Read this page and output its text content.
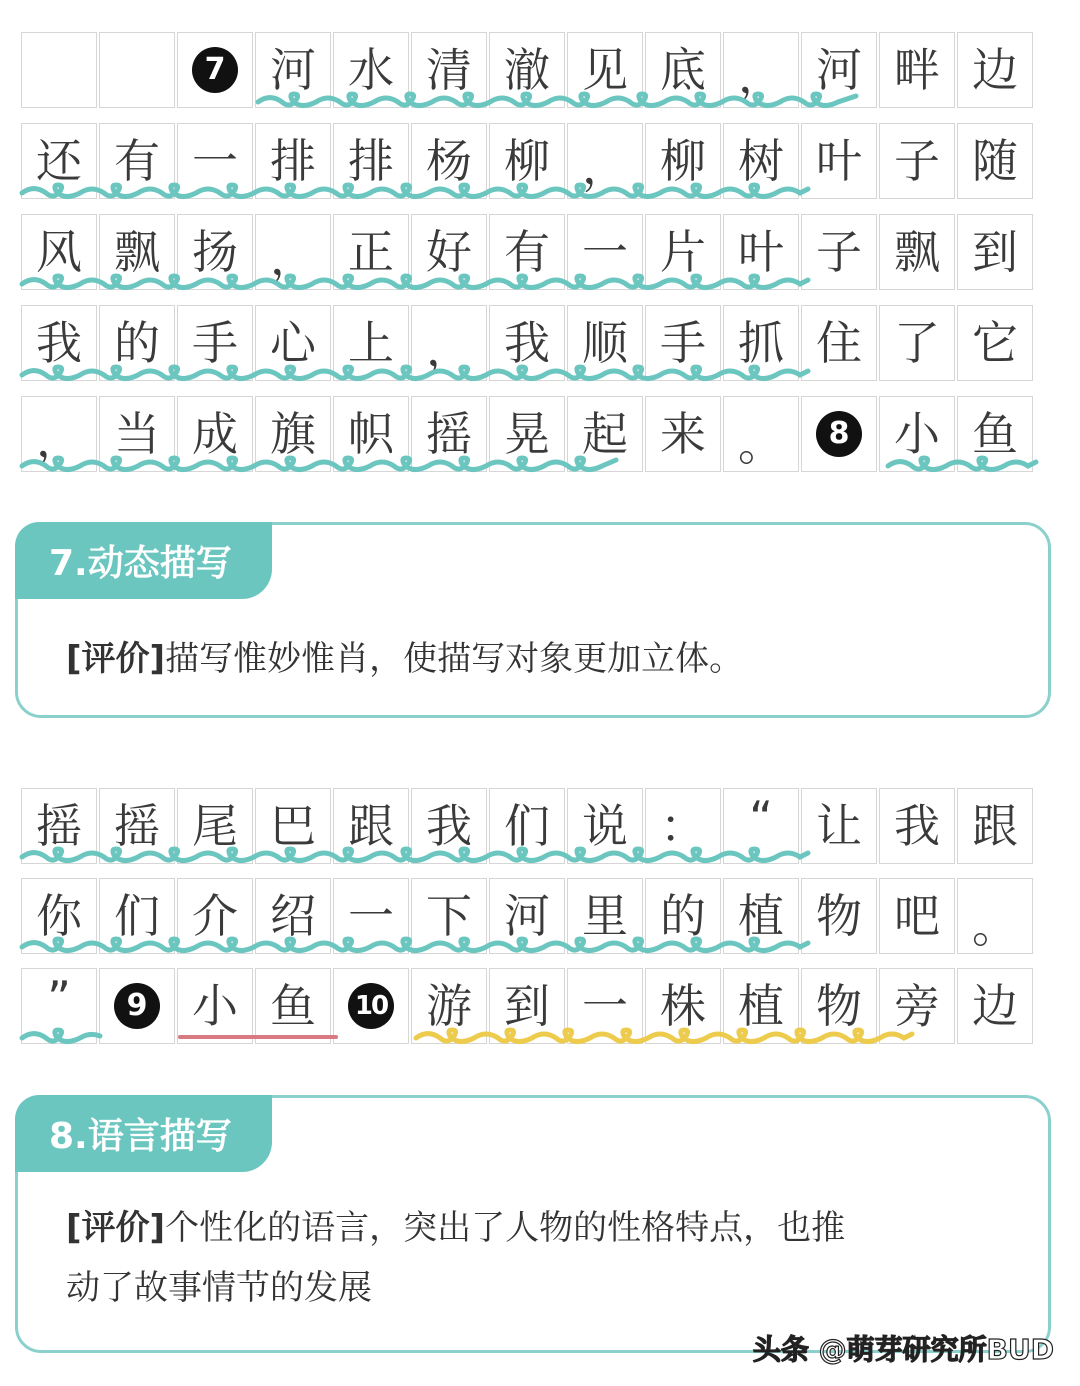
7 河 水 清 澈 见 底 ， 河 畔 边
还 有 一 排 排 杨 柳 ， 柳 树 叶 子 随
风 飘 扬 ， 正 好 有 一 片 叶 子 飘 到
我 的 手 心 上 ， 我 顺 手 抓 住 了 它
， 当 成 旗 帜 摇 晃 起 来 。	8 小 鱼
7.动态描写
[评价]描写惟妙惟肖，使描写对象更加立体。
摇 摇 尾 巴 跟 我 们 说 ： “ 让 我 跟
你 们 介 绍 一 下 河 里 的 植 物 吧 。
”	9 小 鱼	10 游 到 一 株 植 物 旁 边
8.语言描写
[评价]个性化的语言，突出了人物的性格特点，也推
动了故事情节的发展
头条 @萌芽研究所BUD
